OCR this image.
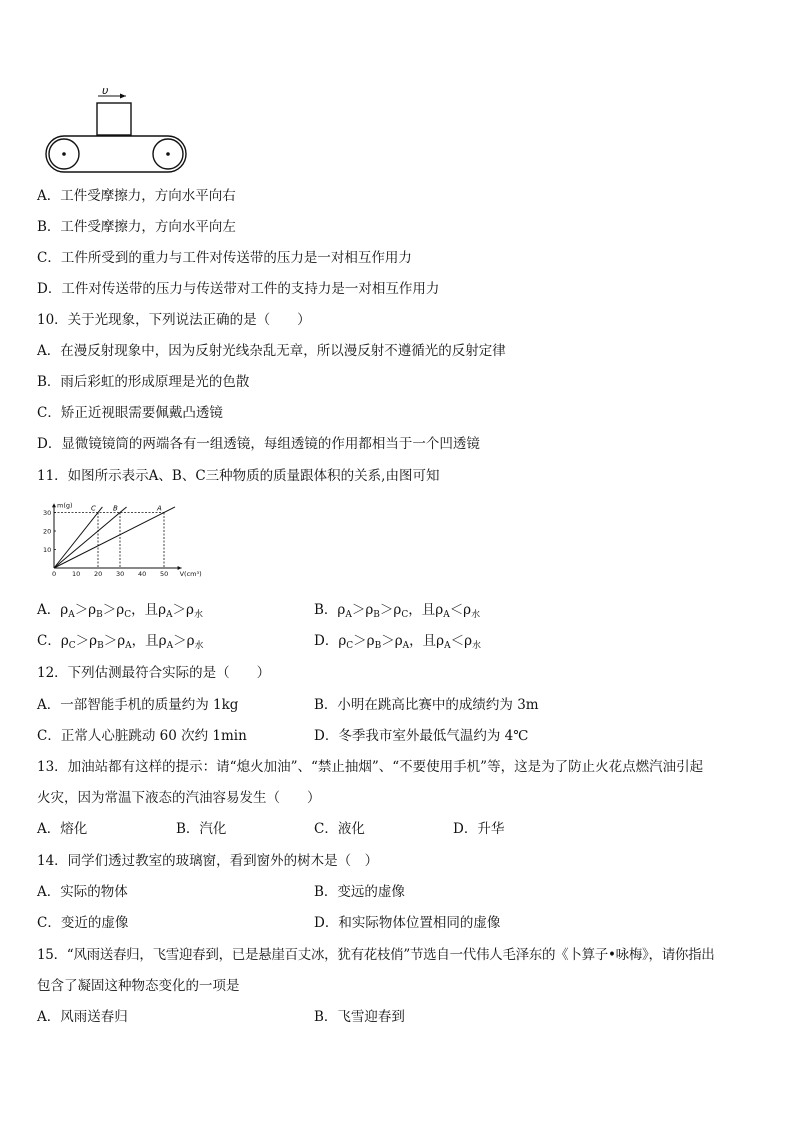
υ
A．工件受摩擦力，方向水平向右
B．工件受摩擦力，方向水平向左
C．工件所受到的重力与工件对传送带的压力是一对相互作用力
D．工件对传送带的压力与传送带对工件的支持力是一对相互作用力
10．关于光现象，下列说法正确的是（　　）
A．在漫反射现象中，因为反射光线杂乱无章，所以漫反射不遵循光的反射定律
B．雨后彩虹的形成原理是光的色散
C．矫正近视眼需要佩戴凸透镜
D．显微镜镜筒的两端各有一组透镜，每组透镜的作用都相当于一个凹透镜
11．如图所示表示A、B、C三种物质的质量跟体积的关系,由图可知
m(g)
V(cm³)
0 10 20 30 40 50
10
20
30
C B	A
A．$\rho_A>\rho_B>\rho_C$，且$\rho_A>\rho_水$	B．$\rho_A>\rho_B>\rho_C$，且$\rho_A<\rho_水$
C．$\rho_C>\rho_B>\rho_A$，且$\rho_A>\rho_水$	D．$\rho_C>\rho_B>\rho_A$，且$\rho_A<\rho_水$
12．下列估测最符合实际的是（　　）
A．一部智能手机的质量约为 1kg	B．小明在跳高比赛中的成绩约为 3m
C．正常人心脏跳动 60 次约 1min	D．冬季我市室外最低气温约为 4℃
13．加油站都有这样的提示：请“熄火加油”、“禁止抽烟”、“不要使用手机”等，这是为了防止火花点燃汽油引起
火灾，因为常温下液态的汽油容易发生（　　）
A．熔化	B．汽化	C．液化	D．升华
14．同学们透过教室的玻璃窗，看到窗外的树木是（　）
A．实际的物体	B．变远的虚像
C．变近的虚像	D．和实际物体位置相同的虚像
15．“风雨送春归，飞雪迎春到，已是悬崖百丈冰，犹有花枝俏”节选自一代伟人毛泽东的《卜算子•咏梅》，请你指出
包含了凝固这种物态变化的一项是
A．风雨送春归	B．飞雪迎春到
